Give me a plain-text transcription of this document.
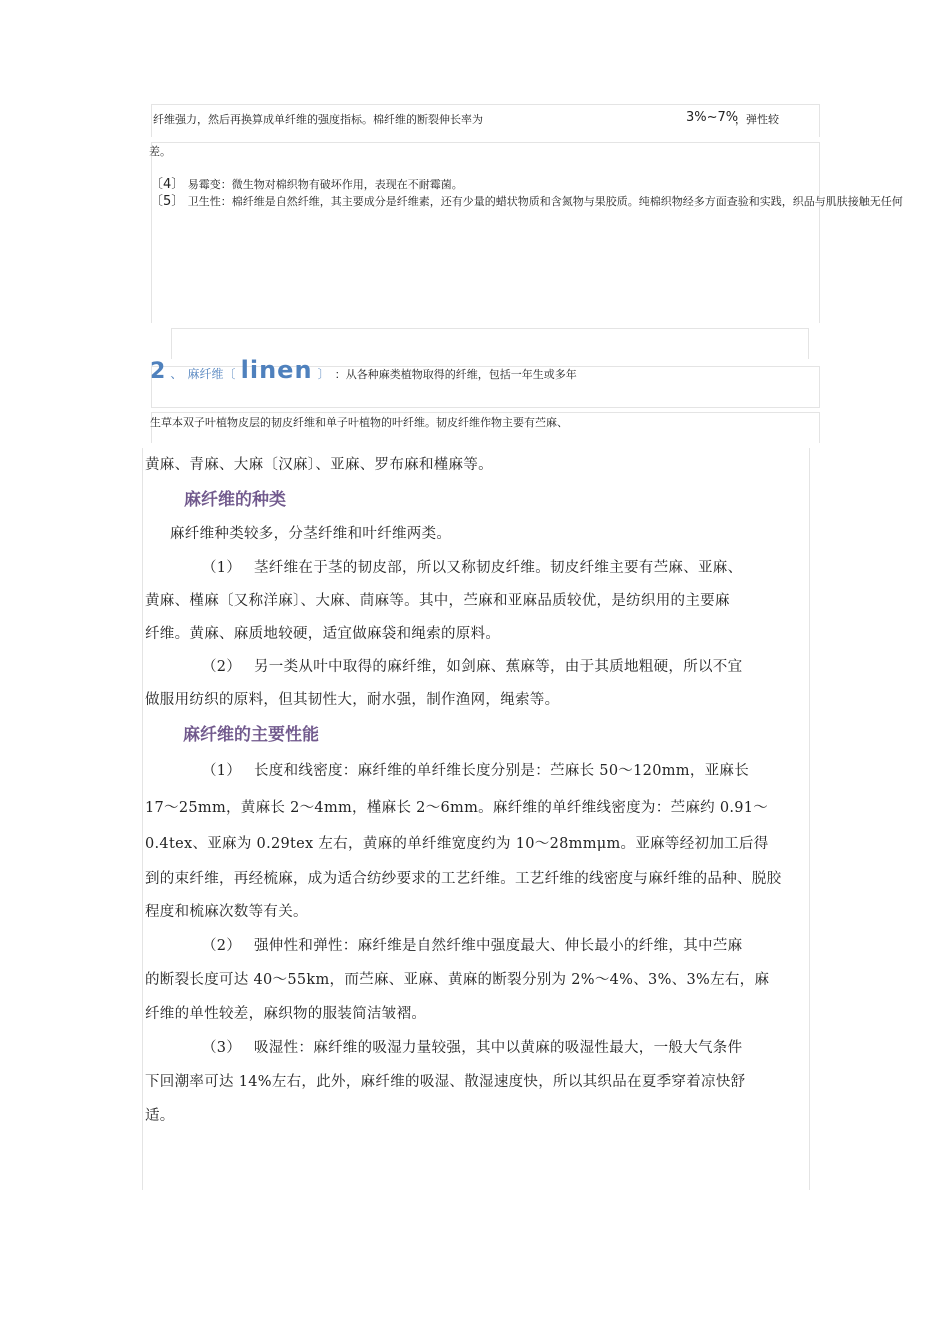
纤维强力，然后再换算成单纤维的强度指标。棉纤维的断裂伸长率为	3%~7%
，弹性较
差。
〔4〕 易霉变：微生物对棉织物有破坏作用，表现在不耐霉菌。
〔5〕 卫生性：棉纤维是自然纤维，其主要成分是纤维素，还有少量的蜡状物质和含氮物与果胶质。纯棉织物经多方面查验和实践，织品与肌肤接触无任何
2 、 麻纤维〔 linen 〕 ：从各种麻类植物取得的纤维，包括一年生或多年
生草本双子叶植物皮层的韧皮纤维和单子叶植物的叶纤维。韧皮纤维作物主要有苎麻、
黄麻、青麻、大麻〔汉麻〕、亚麻、罗布麻和槿麻等。
麻纤维的种类
麻纤维种类较多，分茎纤维和叶纤维两类。
（1） 茎纤维在于茎的韧皮部，所以又称韧皮纤维。韧皮纤维主要有苎麻、亚麻、
黄麻、槿麻〔又称洋麻〕、大麻、茼麻等。其中，苎麻和亚麻品质较优，是纺织用的主要麻
纤维。黄麻、麻质地较硬，适宜做麻袋和绳索的原料。
（2） 另一类从叶中取得的麻纤维，如剑麻、蕉麻等，由于其质地粗硬，所以不宜
做服用纺织的原料，但其韧性大，耐水强，制作渔网，绳索等。
麻纤维的主要性能
（1） 长度和线密度：麻纤维的单纤维长度分别是：苎麻长 50～120mm，亚麻长
17～25mm，黄麻长 2～4mm，槿麻长 2～6mm。麻纤维的单纤维线密度为：苎麻约 0.91～
0.4tex、亚麻为 0.29tex 左右，黄麻的单纤维宽度约为 10～28mmμm。亚麻等经初加工后得
到的束纤维，再经梳麻，成为适合纺纱要求的工艺纤维。工艺纤维的线密度与麻纤维的品种、脱胶
程度和梳麻次数等有关。
（2） 强伸性和弹性：麻纤维是自然纤维中强度最大、伸长最小的纤维，其中苎麻
的断裂长度可达 40～55km，而苎麻、亚麻、黄麻的断裂分别为 2%～4%、3%、3%左右，麻
纤维的单性较差，麻织物的服装简洁皱褶。
（3） 吸湿性：麻纤维的吸湿力量较强，其中以黄麻的吸湿性最大，一般大气条件
下回潮率可达 14%左右，此外，麻纤维的吸湿、散湿速度快，所以其织品在夏季穿着凉快舒
适。
